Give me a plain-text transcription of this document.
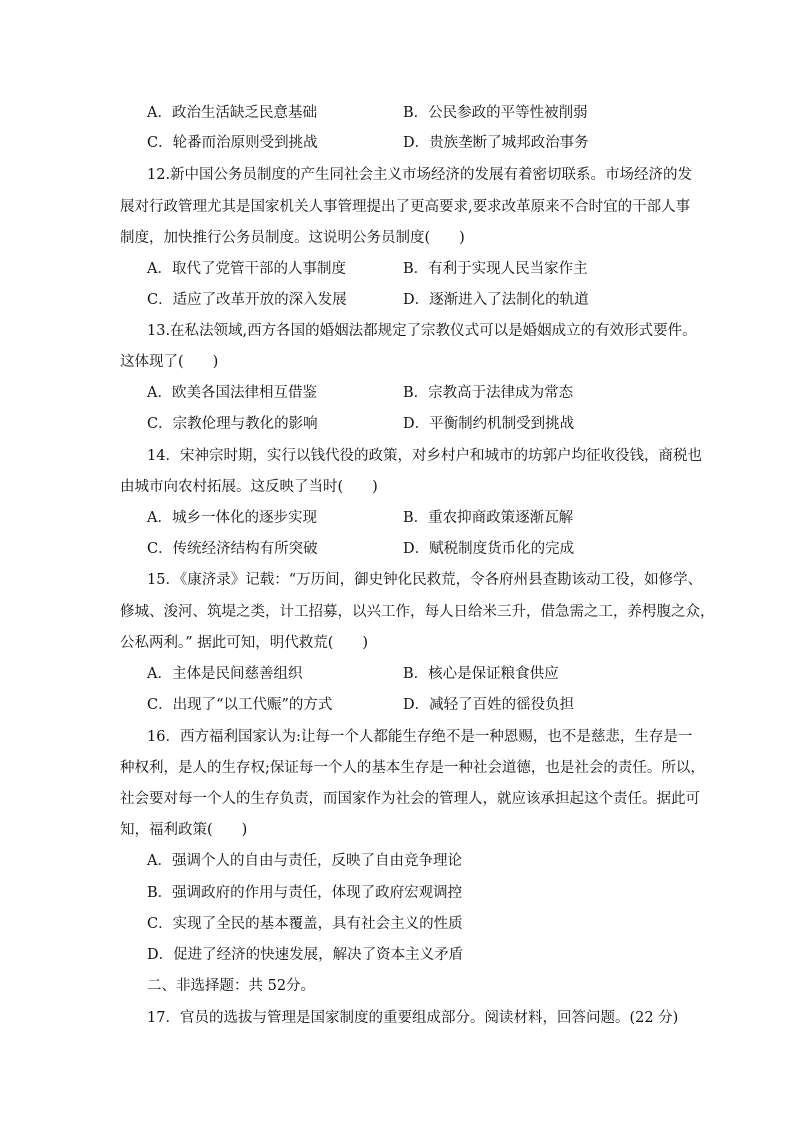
A．政治生活缺乏民意基础	B．公民参政的平等性被削弱
C．轮番而治原则受到挑战	D．贵族垄断了城邦政治事务
12.新中国公务员制度的产生同社会主义市场经济的发展有着密切联系。市场经济的发
展对行政管理尤其是国家机关人事管理提出了更高要求,要求改革原来不合时宜的干部人事
制度，加快推行公务员制度。这说明公务员制度(　　)
A．取代了党管干部的人事制度	B．有利于实现人民当家作主
C．适应了改革开放的深入发展	D．逐渐进入了法制化的轨道
13.在私法领域,西方各国的婚姻法都规定了宗教仪式可以是婚姻成立的有效形式要件。
这体现了(　　)
A．欧美各国法律相互借鉴	B．宗教高于法律成为常态
C．宗教伦理与教化的影响	D．平衡制约机制受到挑战
14．宋神宗时期，实行以钱代役的政策，对乡村户和城市的坊郭户均征收役钱，商税也
由城市向农村拓展。这反映了当时(　　)
A．城乡一体化的逐步实现	B．重农抑商政策逐渐瓦解
C．传统经济结构有所突破	D．赋税制度货币化的完成
15．《康济录》记载：“万历间，御史钟化民救荒，令各府州县查勘该动工役，如修学、
修城、浚河、筑堤之类，计工招募，以兴工作，每人日给米三升，借急需之工，养枵腹之众，
公私两利。” 据此可知，明代救荒(　　)
A．主体是民间慈善组织	B．核心是保证粮食供应
C．出现了“以工代赈”的方式	D．减轻了百姓的徭役负担
16．西方福利国家认为:让每一个人都能生存绝不是一种恩赐，也不是慈悲，生存是一
种权利，是人的生存权;保证每一个人的基本生存是一种社会道德，也是社会的责任。所以，
社会要对每一个人的生存负责，而国家作为社会的管理人，就应该承担起这个责任。据此可
知，福利政策(　　)
A．强调个人的自由与责任，反映了自由竞争理论
B．强调政府的作用与责任，体现了政府宏观调控
C．实现了全民的基本覆盖，具有社会主义的性质
D．促进了经济的快速发展，解决了资本主义矛盾
二、非选择题：共 52分。
17．官员的选拔与管理是国家制度的重要组成部分。阅读材料，回答问题。(22 分)
